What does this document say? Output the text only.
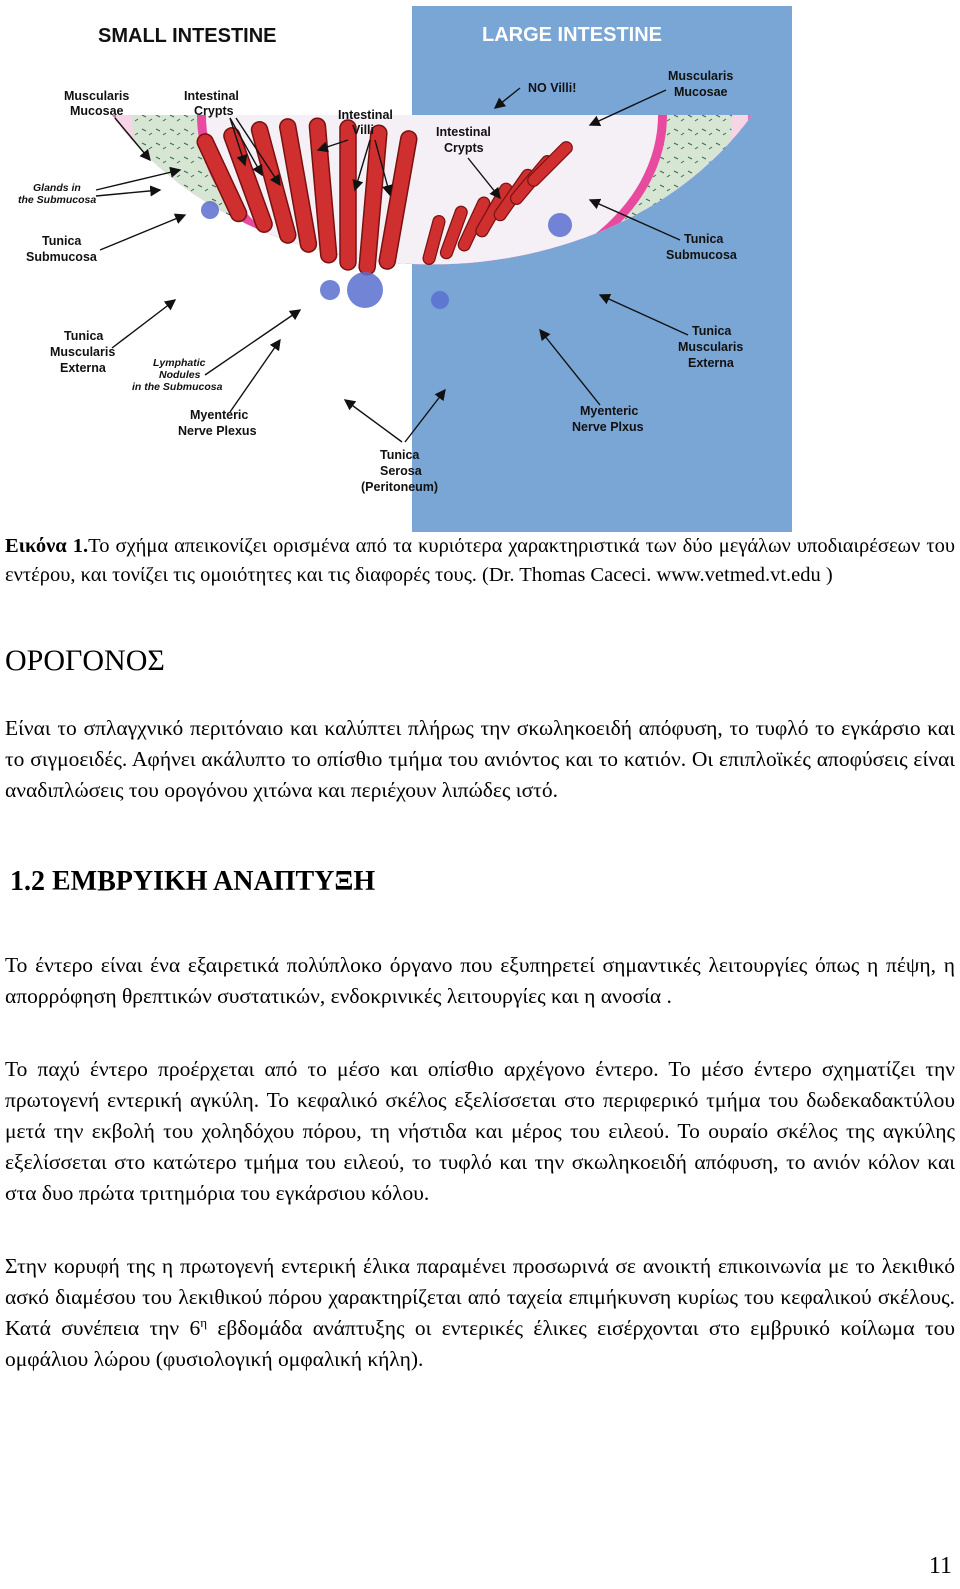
SMALL INTESTINE	LARGE INTESTINE
Muscularis
Mucosae
Intestinal
Crypts	Intestinal
Villi
Glands in
the Submucosa
Tunica
Submucosa
Tunica
Muscularis
Externa	Lymphatic
Nodules
in the Submucosa
Myenteric
Nerve Plexus
Tunica
Serosa
(Peritoneum)
NO Villi!
Intestinal
Crypts
Muscularis
Mucosae
Tunica
Submucosa
Tunica
Muscularis
Externa
Myenteric
Nerve Plxus

Εικόνα 1.Το σχήμα απεικονίζει ορισμένα από τα κυριότερα χαρακτηριστικά των δύο μεγάλων υποδιαιρέσεων του εντέρου, και τονίζει τις ομοιότητες και τις διαφορές τους. (Dr. Thomas Caceci. www.vetmed.vt.edu )

ΟΡΟΓΟΝΟΣ

Είναι το σπλαγχνικό περιτόναιο και καλύπτει πλήρως την σκωληκοειδή απόφυση, το τυφλό το εγκάρσιο και το σιγμοειδές. Αφήνει ακάλυπτο το οπίσθιο τμήμα του ανιόντος και το κατιόν. Οι επιπλοϊκές αποφύσεις είναι αναδιπλώσεις του ορογόνου χιτώνα και περιέχουν λιπώδες ιστό.

1.2 ΕΜΒΡΥΙΚΗ ΑΝΑΠΤΥΞΗ

Το έντερο είναι ένα εξαιρετικά πολύπλοκο όργανο που εξυπηρετεί σημαντικές λειτουργίες όπως η πέψη, η απορρόφηση θρεπτικών συστατικών, ενδοκρινικές λειτουργίες και η ανοσία .

Το παχύ έντερο προέρχεται από το μέσο και οπίσθιο αρχέγονο έντερο. Το μέσο έντερο σχηματίζει την πρωτογενή εντερική αγκύλη. Το κεφαλικό σκέλος εξελίσσεται στο περιφερικό τμήμα του δωδεκαδακτύλου μετά την εκβολή του χοληδόχου πόρου, τη νήστιδα και μέρος του ειλεού. Το ουραίο σκέλος της αγκύλης εξελίσσεται στο κατώτερο τμήμα του ειλεού, το τυφλό και την σκωληκοειδή απόφυση, το ανιόν κόλον και στα δυο πρώτα τριτημόρια του εγκάρσιου κόλου.

Στην κορυφή της η πρωτογενή εντερική έλικα παραμένει προσωρινά σε ανοικτή επικοινωνία με το λεκιθικό ασκό διαμέσου του λεκιθικού πόρου χαρακτηρίζεται από ταχεία επιμήκυνση κυρίως του κεφαλικού σκέλους. Κατά συνέπεια την $6^\eta$ εβδομάδα ανάπτυξης οι εντερικές έλικες εισέρχονται στο εμβρυικό κοίλωμα του ομφάλιου λώρου (φυσιολογική ομφαλική κήλη).

11
